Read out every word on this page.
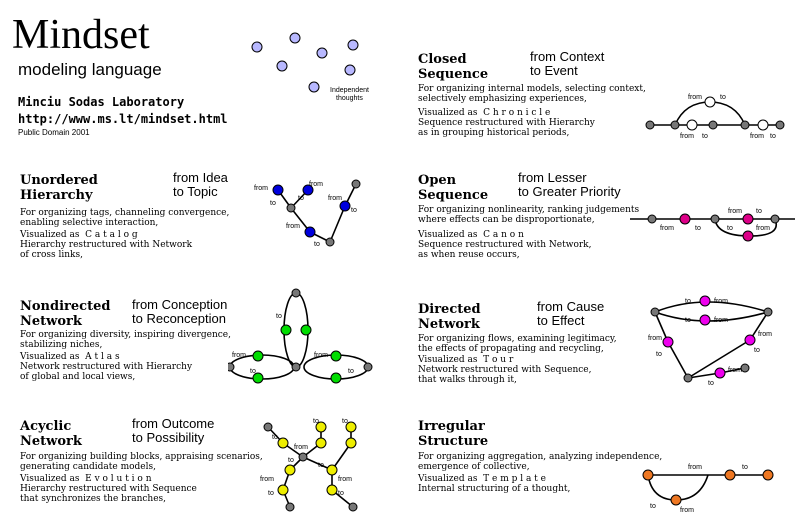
Mindset
modeling language
Minciu Sodas Laboratory
http://www.ms.lt/mindset.html
Public Domain 2001
Independent
thoughts
Unordered
Hierarchy
from Idea
to Topic
For organizing tags, channeling convergence,
enabling selective interaction,
Visualized as  C a t a l o g
Hierarchy restructured with Network
of cross links,
Nondirected
Network
from Conception
to Reconception
For organizing diversity, inspiring divergence,
stabilizing niches,
Visualized as  A t l a s
Network restructured with Hierarchy
of global and local views,
Acyclic
Network
from Outcome
to Possibility
For organizing building blocks, appraising scenarios,
generating candidate models,
Visualized as  E v o l u t i o n
Hierarchy restructured with Sequence
that synchronizes the branches,
Closed
Sequence
from Context
to Event
For organizing internal models, selecting context,
selectively emphasizing experiences,
Visualized as  C h r o n i c l e
Sequence restructured with Hierarchy
as in grouping historical periods,
Open
Sequence
from Lesser
to Greater Priority
For organizing nonlinearity, ranking judgements
where effects can be disproportionate,
Visualized as  C a n o n
Sequence restructured with Network,
as when reuse occurs,
Directed
Network
from Cause
to Effect
For organizing flows, examining legitimacy,
the effects of propagating and recycling,
Visualized as  T o u r
Network restructured with Sequence,
that walks through it,
Irregular
Structure
For organizing aggregation, analyzing independence,
emergence of collective,
Visualized as  T e m p l a t e
Internal structuring of a thought,
from
to
from
to
from
to
from
to
to
from
to
from
to
to
to	to
from
to
to
from
to
from
to
from	to
from to	from to
from	to
from to
to	from
to	from
to	from
from
to
from
to
to
from
from	to
to
from
